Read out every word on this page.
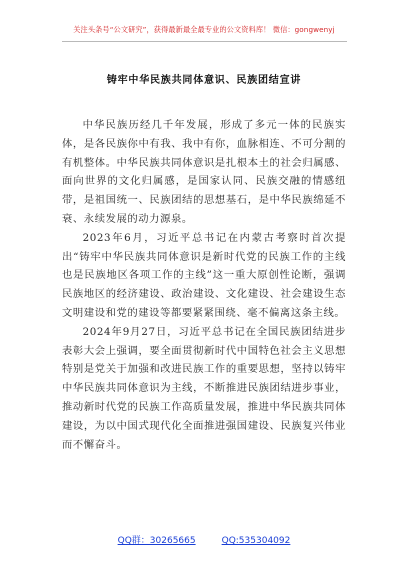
关注头条号“公文研究”，获得最新最全最专业的公文资料库！ 微信：gongwenyj
铸牢中华民族共同体意识、民族团结宣讲

中华民族历经几千年发展，形成了多元一体的民族实体，是各民族你中有我、我中有你，血脉相连、不可分割的有机整体。中华民族共同体意识是扎根本土的社会归属感、面向世界的文化归属感，是国家认同、民族交融的情感纽带，是祖国统一、民族团结的思想基石，是中华民族绵延不衰、永续发展的动力源泉。

2023年6月，习近平总书记在内蒙古考察时首次提出“铸牢中华民族共同体意识是新时代党的民族工作的主线也是民族地区各项工作的主线”这一重大原创性论断，强调民族地区的经济建设、政治建设、文化建设、社会建设生态文明建设和党的建设等都要紧紧围绕、毫不偏离这条主线。

2024年9月27日，习近平总书记在全国民族团结进步表彰大会上强调，要全面贯彻新时代中国特色社会主义思想特别是党关于加强和改进民族工作的重要思想，坚持以铸牢中华民族共同体意识为主线，不断推进民族团结进步事业，推动新时代党的民族工作高质量发展，推进中华民族共同体建设，为以中国式现代化全面推进强国建设、民族复兴伟业而不懈奋斗。

QQ群：30265665	QQ:535304092
